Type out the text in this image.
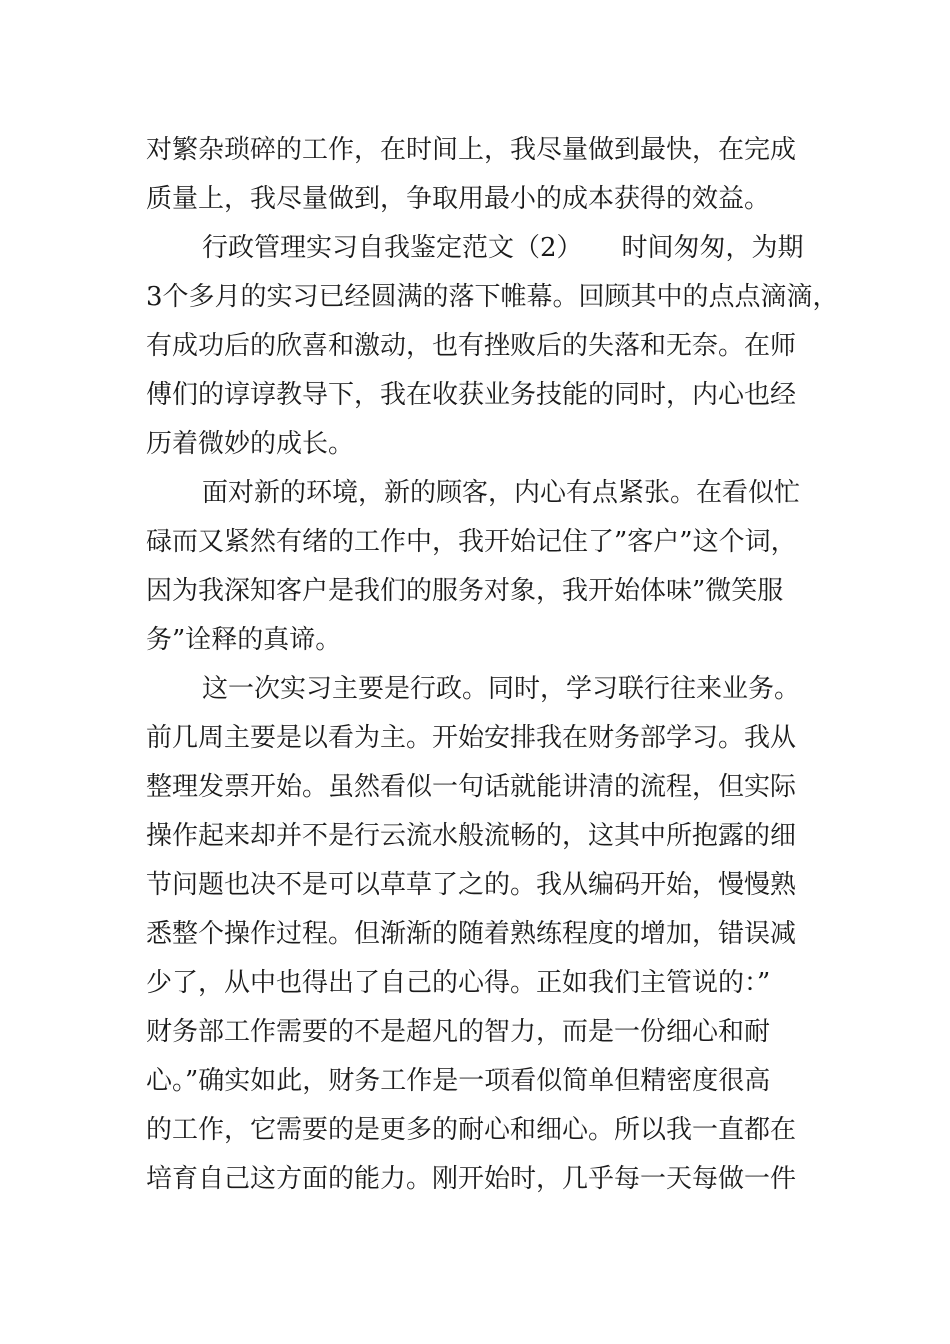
对繁杂琐碎的工作，在时间上，我尽量做到最快，在完成
质量上，我尽量做到，争取用最小的成本获得的效益。
行政管理实习自我鉴定范文（2）　　时间匆匆，为期
3个多月的实习已经圆满的落下帷幕。回顾其中的点点滴滴，
有成功后的欣喜和激动，也有挫败后的失落和无奈。在师
傅们的谆谆教导下，我在收获业务技能的同时，内心也经
历着微妙的成长。
面对新的环境，新的顾客，内心有点紧张。在看似忙
碌而又紧然有绪的工作中，我开始记住了”客户”这个词，
因为我深知客户是我们的服务对象，我开始体味”微笑服
务”诠释的真谛。
这一次实习主要是行政。同时，学习联行往来业务。
前几周主要是以看为主。开始安排我在财务部学习。我从
整理发票开始。虽然看似一句话就能讲清的流程，但实际
操作起来却并不是行云流水般流畅的，这其中所抱露的细
节问题也决不是可以草草了之的。我从编码开始，慢慢熟
悉整个操作过程。但渐渐的随着熟练程度的增加，错误减
少了，从中也得出了自己的心得。正如我们主管说的：”
财务部工作需要的不是超凡的智力，而是一份细心和耐
心。”确实如此，财务工作是一项看似简单但精密度很高
的工作，它需要的是更多的耐心和细心。所以我一直都在
培育自己这方面的能力。刚开始时，几乎每一天每做一件
